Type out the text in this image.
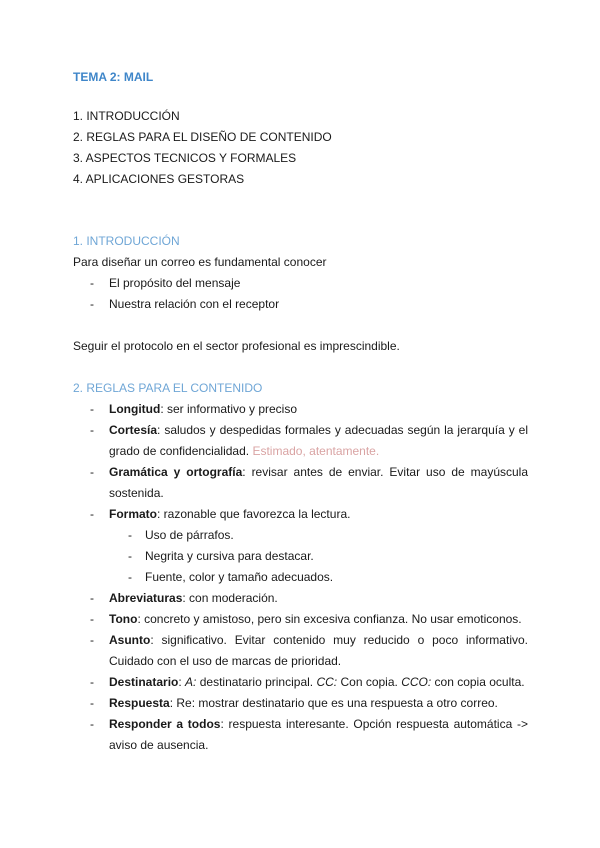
TEMA 2: MAIL
1. INTRODUCCIÓN
2. REGLAS PARA EL DISEÑO DE CONTENIDO
3. ASPECTOS TECNICOS Y FORMALES
4. APLICACIONES GESTORAS
1. INTRODUCCIÓN
Para diseñar un correo es fundamental conocer
- El propósito del mensaje
- Nuestra relación con el receptor
Seguir el protocolo en el sector profesional es imprescindible.
2. REGLAS PARA EL CONTENIDO
- Longitud: ser informativo y preciso
- Cortesía: saludos y despedidas formales y adecuadas según la jerarquía y el grado de confidencialidad. Estimado, atentamente.
- Gramática y ortografía: revisar antes de enviar. Evitar uso de mayúscula sostenida.
- Formato: razonable que favorezca la lectura.
- Uso de párrafos.
- Negrita y cursiva para destacar.
- Fuente, color y tamaño adecuados.
- Abreviaturas: con moderación.
- Tono: concreto y amistoso, pero sin excesiva confianza. No usar emoticonos.
- Asunto: significativo. Evitar contenido muy reducido o poco informativo. Cuidado con el uso de marcas de prioridad.
- Destinatario: A: destinatario principal. CC: Con copia. CCO: con copia oculta.
- Respuesta: Re: mostrar destinatario que es una respuesta a otro correo.
- Responder a todos: respuesta interesante. Opción respuesta automática -> aviso de ausencia.
